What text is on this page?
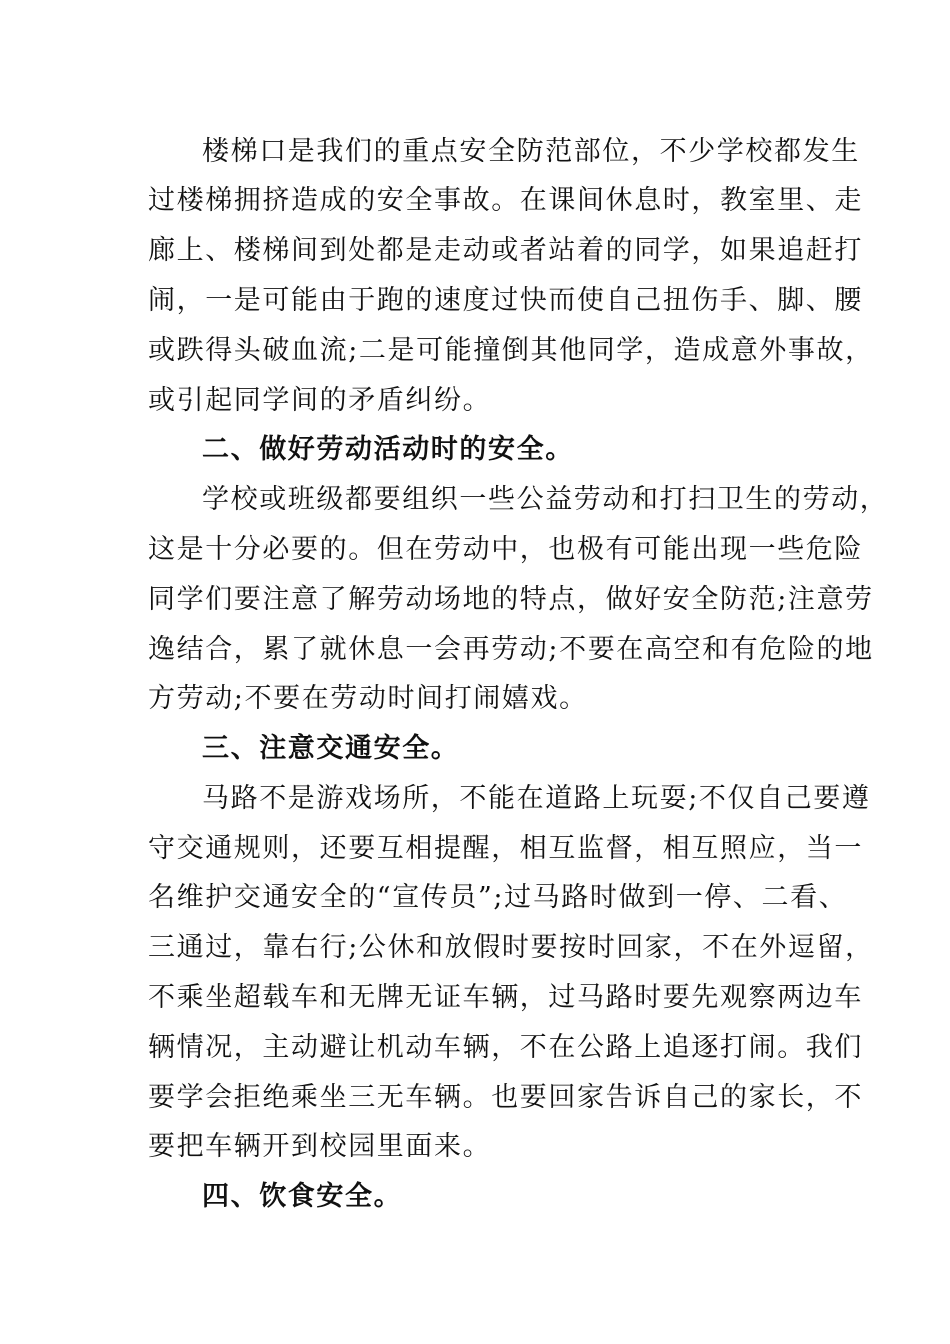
楼梯口是我们的重点安全防范部位，不少学校都发生
过楼梯拥挤造成的安全事故。在课间休息时，教室里、走
廊上、楼梯间到处都是走动或者站着的同学，如果追赶打
闹，一是可能由于跑的速度过快而使自己扭伤手、脚、腰
或跌得头破血流;二是可能撞倒其他同学，造成意外事故，
或引起同学间的矛盾纠纷。
二、做好劳动活动时的安全。
学校或班级都要组织一些公益劳动和打扫卫生的劳动，
这是十分必要的。但在劳动中，也极有可能出现一些危险
同学们要注意了解劳动场地的特点，做好安全防范;注意劳
逸结合，累了就休息一会再劳动;不要在高空和有危险的地
方劳动;不要在劳动时间打闹嬉戏。
三、注意交通安全。
马路不是游戏场所，不能在道路上玩耍;不仅自己要遵
守交通规则，还要互相提醒，相互监督，相互照应，当一
名维护交通安全的“宣传员”;过马路时做到一停、二看、
三通过，靠右行;公休和放假时要按时回家，不在外逗留，
不乘坐超载车和无牌无证车辆，过马路时要先观察两边车
辆情况，主动避让机动车辆，不在公路上追逐打闹。我们
要学会拒绝乘坐三无车辆。也要回家告诉自己的家长，不
要把车辆开到校园里面来。
四、饮食安全。
